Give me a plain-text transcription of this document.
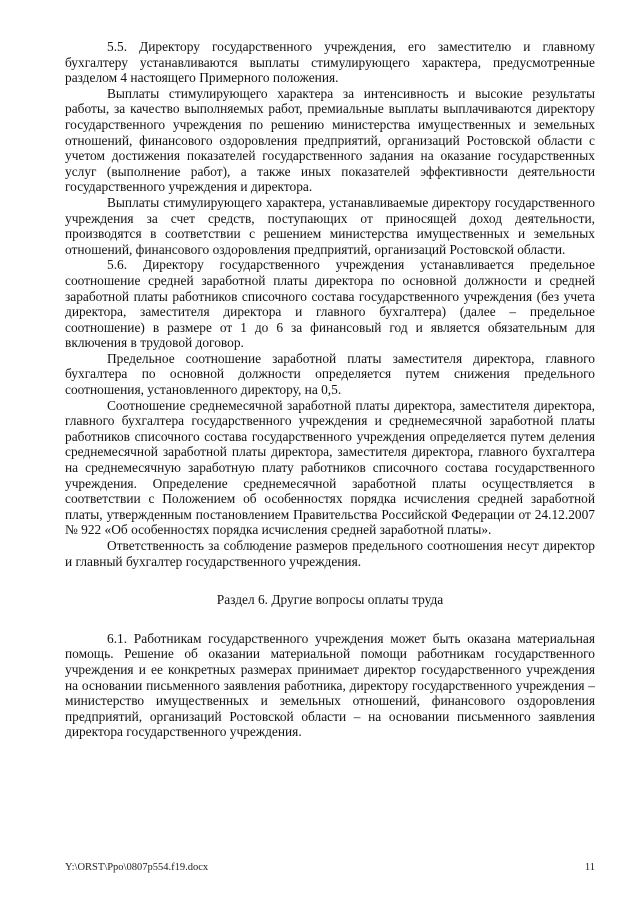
5.5. Директору государственного учреждения, его заместителю и главному бухгалтеру устанавливаются выплаты стимулирующего характера, предусмотренные разделом 4 настоящего Примерного положения.

Выплаты стимулирующего характера за интенсивность и высокие результаты работы, за качество выполняемых работ, премиальные выплаты выплачиваются директору государственного учреждения по решению министерства имущественных и земельных отношений, финансового оздоровления предприятий, организаций Ростовской области с учетом достижения показателей государственного задания на оказание государственных услуг (выполнение работ), а также иных показателей эффективности деятельности государственного учреждения и директора.

Выплаты стимулирующего характера, устанавливаемые директору государственного учреждения за счет средств, поступающих от приносящей доход деятельности, производятся в соответствии с решением министерства имущественных и земельных отношений, финансового оздоровления предприятий, организаций Ростовской области.

5.6. Директору государственного учреждения устанавливается предельное соотношение средней заработной платы директора по основной должности и средней заработной платы работников списочного состава государственного учреждения (без учета директора, заместителя директора и главного бухгалтера) (далее – предельное соотношение) в размере от 1 до 6 за финансовый год и является обязательным для включения в трудовой договор.

Предельное соотношение заработной платы заместителя директора, главного бухгалтера по основной должности определяется путем снижения предельного соотношения, установленного директору, на 0,5.

Соотношение среднемесячной заработной платы директора, заместителя директора, главного бухгалтера государственного учреждения и среднемесячной заработной платы работников списочного состава государственного учреждения определяется путем деления среднемесячной заработной платы директора, заместителя директора, главного бухгалтера на среднемесячную заработную плату работников списочного состава государственного учреждения. Определение среднемесячной заработной платы осуществляется в соответствии с Положением об особенностях порядка исчисления средней заработной платы, утвержденным постановлением Правительства Российской Федерации от 24.12.2007 № 922 «Об особенностях порядка исчисления средней заработной платы».

Ответственность за соблюдение размеров предельного соотношения несут директор и главный бухгалтер государственного учреждения.

Раздел 6. Другие вопросы оплаты труда

6.1. Работникам государственного учреждения может быть оказана материальная помощь. Решение об оказании материальной помощи работникам государственного учреждения и ее конкретных размерах принимает директор государственного учреждения на основании письменного заявления работника, директору государственного учреждения – министерство имущественных и земельных отношений, финансового оздоровления предприятий, организаций Ростовской области – на основании письменного заявления директора государственного учреждения.

Y:\ORST\Ppo\0807p554.f19.docx	11
